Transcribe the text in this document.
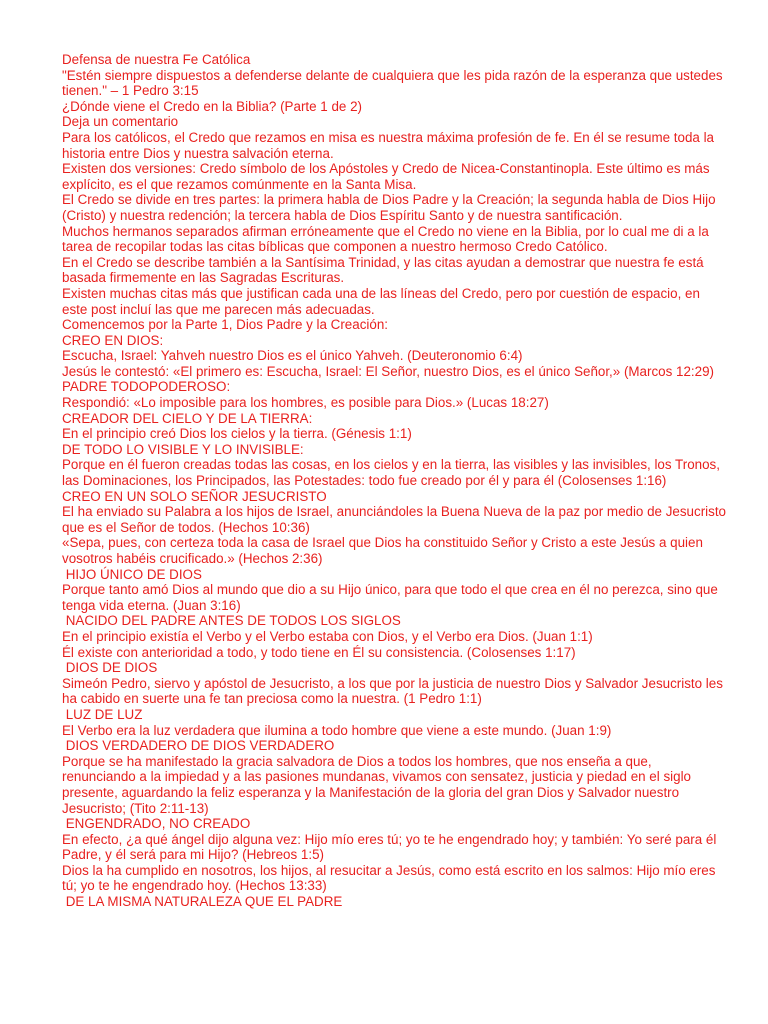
Defensa de nuestra Fe Católica

"Estén siempre dispuestos a defenderse delante de cualquiera que les pida razón de la esperanza que ustedes tienen." – 1 Pedro 3:15

¿Dónde viene el Credo en la Biblia? (Parte 1 de 2)

Deja un comentario

Para los católicos, el Credo que rezamos en misa es nuestra máxima profesión de fe. En él se resume toda la historia entre Dios y nuestra salvación eterna.

Existen dos versiones: Credo símbolo de los Apóstoles y Credo de Nicea-Constantinopla. Este último es más explícito, es el que rezamos comúnmente en la Santa Misa.

El Credo se divide en tres partes: la primera habla de Dios Padre y la Creación; la segunda habla de Dios Hijo (Cristo) y nuestra redención; la tercera habla de Dios Espíritu Santo y de nuestra santificación.

Muchos hermanos separados afirman erróneamente que el Credo no viene en la Biblia, por lo cual me di a la tarea de recopilar todas las citas bíblicas que componen a nuestro hermoso Credo Católico.

En el Credo se describe también a la Santísima Trinidad, y las citas ayudan a demostrar que nuestra fe está basada firmemente en las Sagradas Escrituras.

Existen muchas citas más que justifican cada una de las líneas del Credo, pero por cuestión de espacio, en este post incluí las que me parecen más adecuadas.

Comencemos por la Parte 1, Dios Padre y la Creación:

CREO EN DIOS:

Escucha, Israel: Yahveh nuestro Dios es el único Yahveh. (Deuteronomio 6:4)

Jesús le contestó: «El primero es: Escucha, Israel: El Señor, nuestro Dios, es el único Señor,» (Marcos 12:29)

PADRE TODOPODEROSO:

Respondió: «Lo imposible para los hombres, es posible para Dios.» (Lucas 18:27)

CREADOR DEL CIELO Y DE LA TIERRA:

En el principio creó Dios los cielos y la tierra. (Génesis 1:1)

DE TODO LO VISIBLE Y LO INVISIBLE:

Porque en él fueron creadas todas las cosas, en los cielos y en la tierra, las visibles y las invisibles, los Tronos, las Dominaciones, los Principados, las Potestades: todo fue creado por él y para él (Colosenses 1:16)

CREO EN UN SOLO SEÑOR JESUCRISTO

El ha enviado su Palabra a los hijos de Israel, anunciándoles la Buena Nueva de la paz por medio de Jesucristo que es el Señor de todos. (Hechos 10:36)

«Sepa, pues, con certeza toda la casa de Israel que Dios ha constituido Señor y Cristo a este Jesús a quien vosotros habéis crucificado.» (Hechos 2:36)

HIJO ÚNICO DE DIOS

Porque tanto amó Dios al mundo que dio a su Hijo único, para que todo el que crea en él no perezca, sino que tenga vida eterna. (Juan 3:16)

NACIDO DEL PADRE ANTES DE TODOS LOS SIGLOS

En el principio existía el Verbo y el Verbo estaba con Dios, y el Verbo era Dios. (Juan 1:1)

Él existe con anterioridad a todo, y todo tiene en Él su consistencia. (Colosenses 1:17)

DIOS DE DIOS

Simeón Pedro, siervo y apóstol de Jesucristo, a los que por la justicia de nuestro Dios y Salvador Jesucristo les ha cabido en suerte una fe tan preciosa como la nuestra. (1 Pedro 1:1)

LUZ DE LUZ

El Verbo era la luz verdadera que ilumina a todo hombre que viene a este mundo. (Juan 1:9)

DIOS VERDADERO DE DIOS VERDADERO

Porque se ha manifestado la gracia salvadora de Dios a todos los hombres, que nos enseña a que, renunciando a la impiedad y a las pasiones mundanas, vivamos con sensatez, justicia y piedad en el siglo presente, aguardando la feliz esperanza y la Manifestación de la gloria del gran Dios y Salvador nuestro Jesucristo; (Tito 2:11-13)

ENGENDRADO, NO CREADO

En efecto, ¿a qué ángel dijo alguna vez: Hijo mío eres tú; yo te he engendrado hoy; y también: Yo seré para él Padre, y él será para mi Hijo? (Hebreos 1:5)

Dios la ha cumplido en nosotros, los hijos, al resucitar a Jesús, como está escrito en los salmos: Hijo mío eres tú; yo te he engendrado hoy. (Hechos 13:33)

DE LA MISMA NATURALEZA QUE EL PADRE
